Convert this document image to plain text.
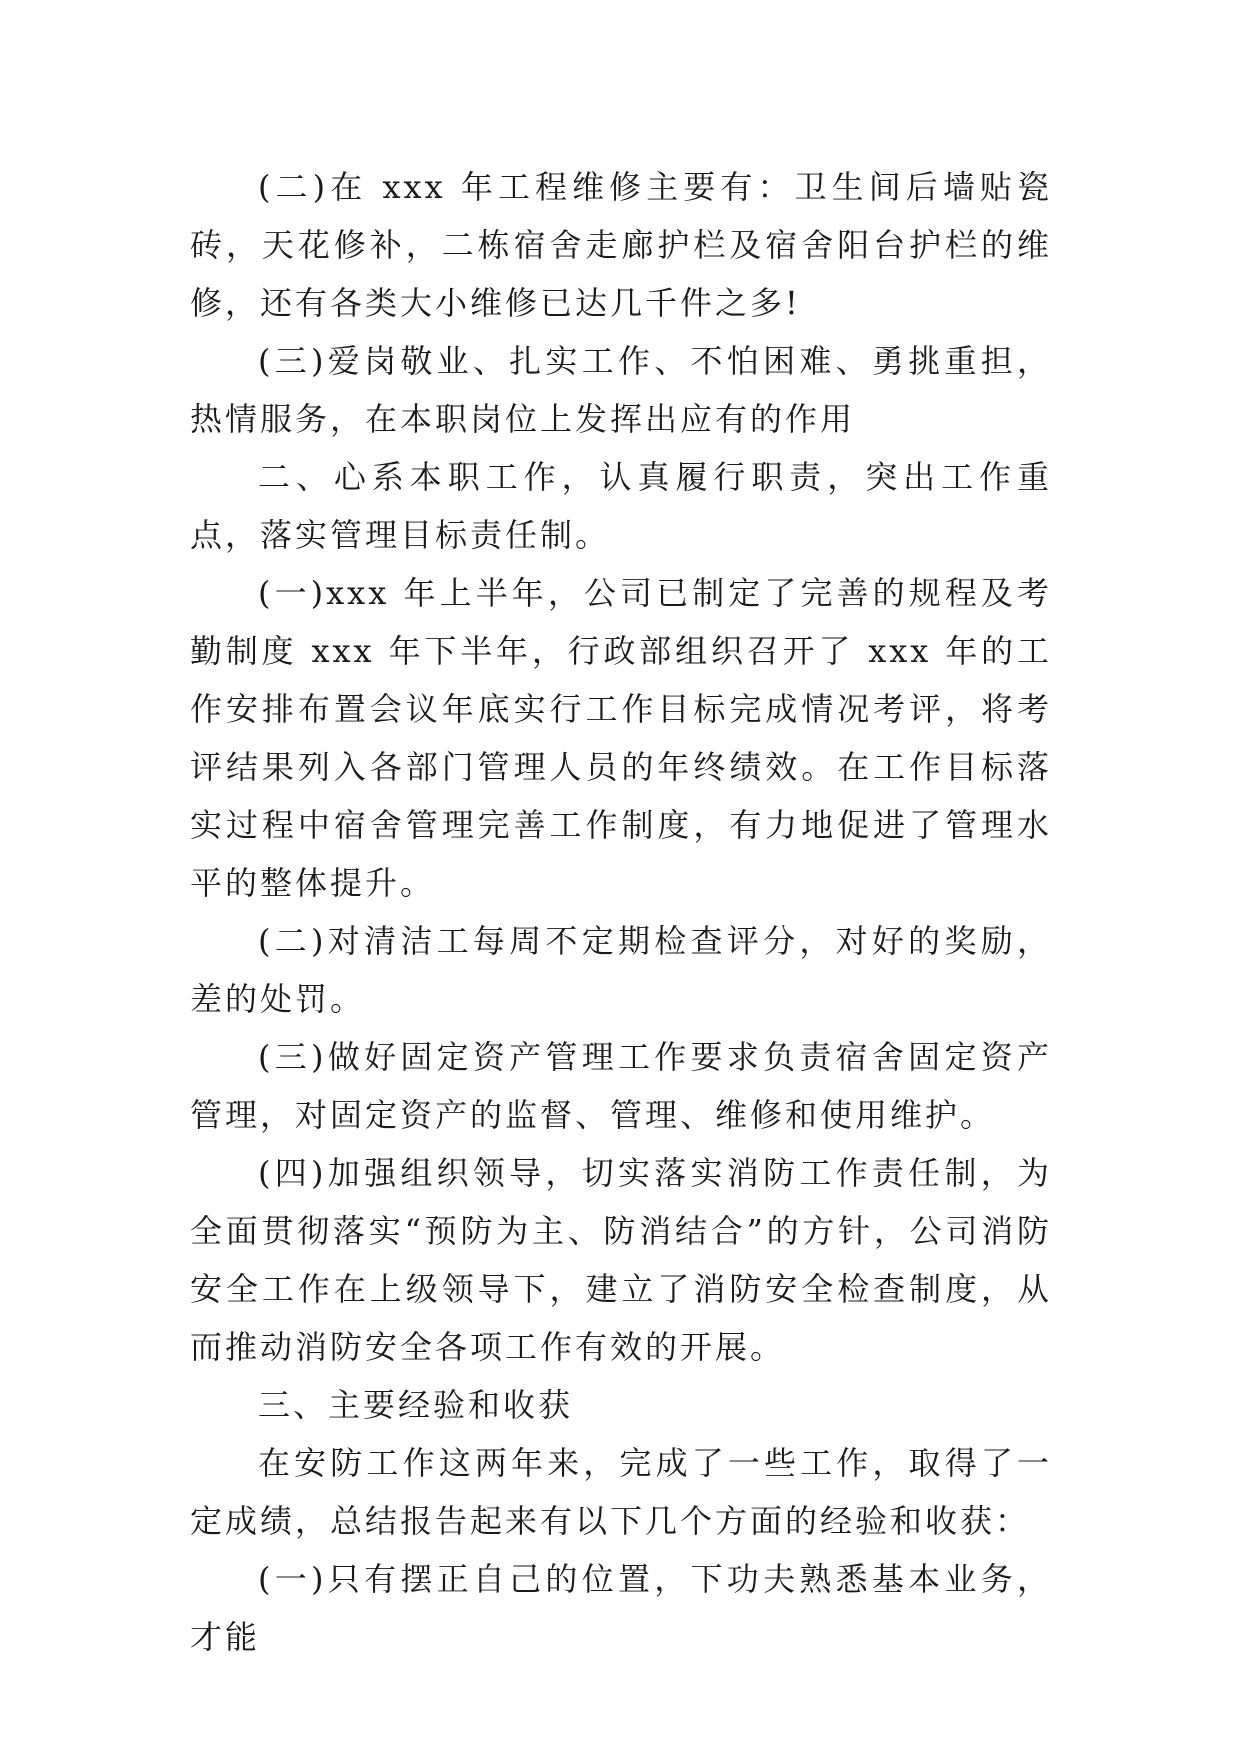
(二)在 xxx 年工程维修主要有：卫生间后墙贴瓷砖，天花修补，二栋宿舍走廊护栏及宿舍阳台护栏的维修，还有各类大小维修已达几千件之多!

(三)爱岗敬业、扎实工作、不怕困难、勇挑重担，热情服务，在本职岗位上发挥出应有的作用

二、心系本职工作，认真履行职责，突出工作重点，落实管理目标责任制。

(一)xxx 年上半年，公司已制定了完善的规程及考勤制度 xxx 年下半年，行政部组织召开了 xxx 年的工作安排布置会议年底实行工作目标完成情况考评，将考评结果列入各部门管理人员的年终绩效。在工作目标落实过程中宿舍管理完善工作制度，有力地促进了管理水平的整体提升。

(二)对清洁工每周不定期检查评分，对好的奖励，差的处罚。

(三)做好固定资产管理工作要求负责宿舍固定资产管理，对固定资产的监督、管理、维修和使用维护。

(四)加强组织领导，切实落实消防工作责任制，为全面贯彻落实“预防为主、防消结合”的方针，公司消防安全工作在上级领导下，建立了消防安全检查制度，从而推动消防安全各项工作有效的开展。

三、主要经验和收获

在安防工作这两年来，完成了一些工作，取得了一定成绩，总结报告起来有以下几个方面的经验和收获：

(一)只有摆正自己的位置，下功夫熟悉基本业务，才能
